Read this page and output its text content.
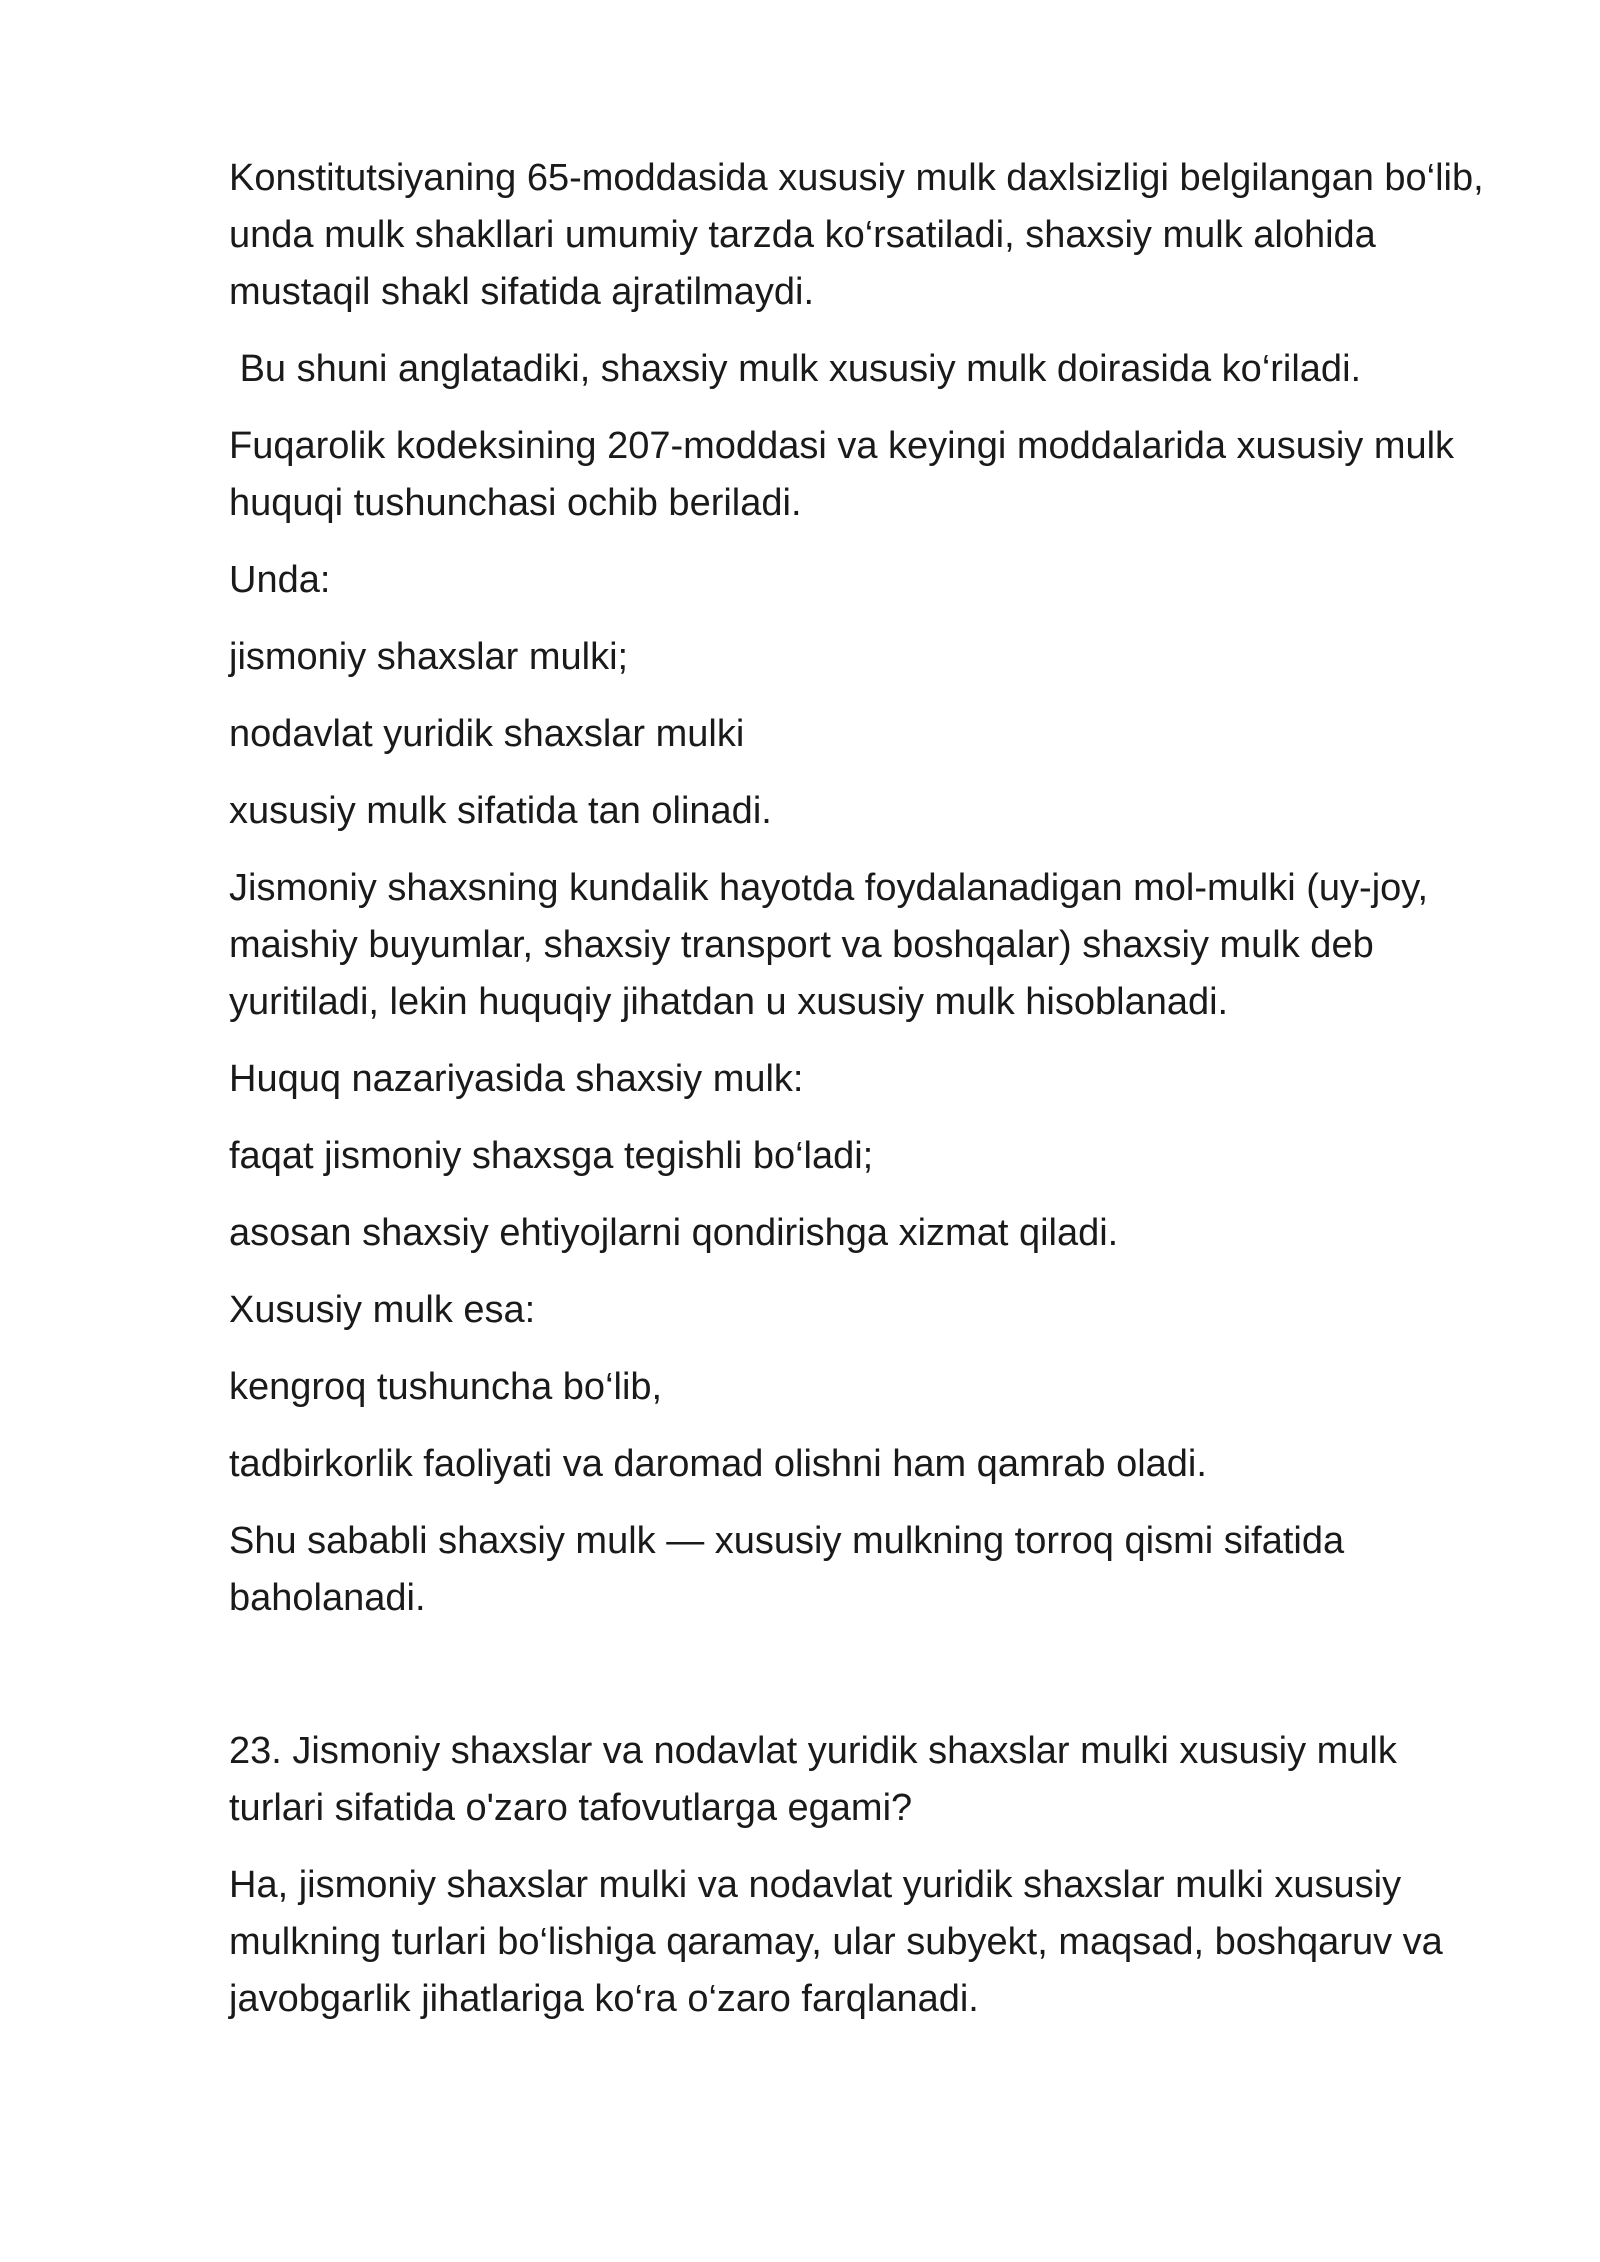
Konstitutsiyaning 65-moddasida xususiy mulk daxlsizligi belgilangan bo‘lib, unda mulk shakllari umumiy tarzda ko‘rsatiladi, shaxsiy mulk alohida mustaqil shakl sifatida ajratilmaydi.

Bu shuni anglatadiki, shaxsiy mulk xususiy mulk doirasida ko‘riladi.

Fuqarolik kodeksining 207-moddasi va keyingi moddalarida xususiy mulk huquqi tushunchasi ochib beriladi.

Unda:

jismoniy shaxslar mulki;

nodavlat yuridik shaxslar mulki

xususiy mulk sifatida tan olinadi.

Jismoniy shaxsning kundalik hayotda foydalanadigan mol-mulki (uy-joy, maishiy buyumlar, shaxsiy transport va boshqalar) shaxsiy mulk deb yuritiladi, lekin huquqiy jihatdan u xususiy mulk hisoblanadi.

Huquq nazariyasida shaxsiy mulk:

faqat jismoniy shaxsga tegishli bo‘ladi;

asosan shaxsiy ehtiyojlarni qondirishga xizmat qiladi.

Xususiy mulk esa:

kengroq tushuncha bo‘lib,

tadbirkorlik faoliyati va daromad olishni ham qamrab oladi.

Shu sababli shaxsiy mulk — xususiy mulkning torroq qismi sifatida baholanadi.

23. Jismoniy shaxslar va nodavlat yuridik shaxslar mulki xususiy mulk turlari sifatida o'zaro tafovutlarga egami?

Ha, jismoniy shaxslar mulki va nodavlat yuridik shaxslar mulki xususiy mulkning turlari bo‘lishiga qaramay, ular subyekt, maqsad, boshqaruv va javobgarlik jihatlariga ko‘ra o‘zaro farqlanadi.
